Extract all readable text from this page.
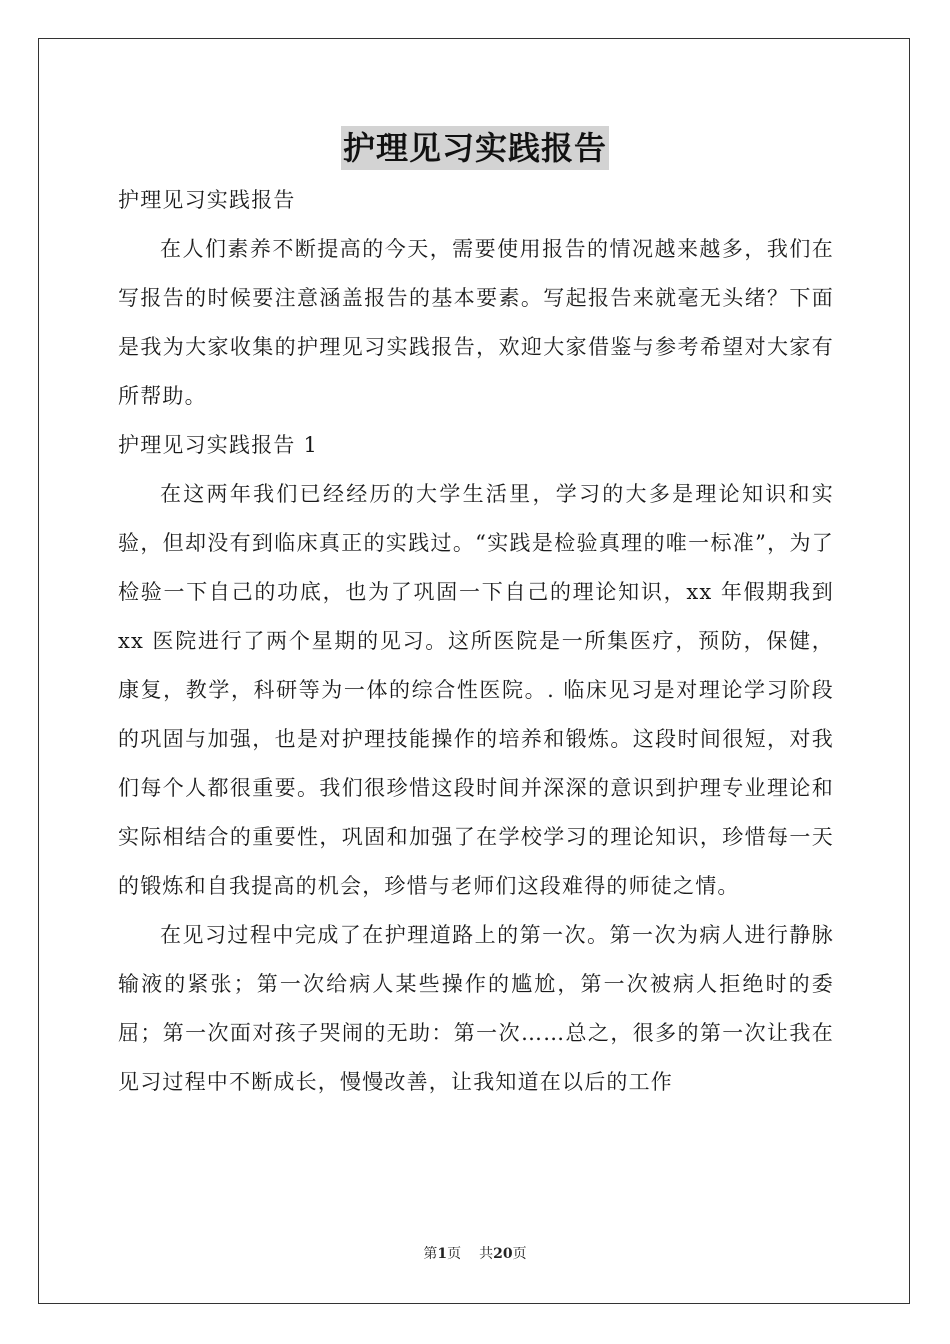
护理见习实践报告

护理见习实践报告

在人们素养不断提高的今天，需要使用报告的情况越来越多，我们在写报告的时候要注意涵盖报告的基本要素。写起报告来就毫无头绪？下面是我为大家收集的护理见习实践报告，欢迎大家借鉴与参考希望对大家有所帮助。

护理见习实践报告 1

在这两年我们已经经历的大学生活里，学习的大多是理论知识和实验，但却没有到临床真正的实践过。“实践是检验真理的唯一标准”，为了检验一下自己的功底，也为了巩固一下自己的理论知识，xx 年假期我到 xx 医院进行了两个星期的见习。这所医院是一所集医疗，预防，保健，康复，教学，科研等为一体的综合性医院。. 临床见习是对理论学习阶段的巩固与加强，也是对护理技能操作的培养和锻炼。这段时间很短，对我们每个人都很重要。我们很珍惜这段时间并深深的意识到护理专业理论和实际相结合的重要性，巩固和加强了在学校学习的理论知识，珍惜每一天的锻炼和自我提高的机会，珍惜与老师们这段难得的师徒之情。

在见习过程中完成了在护理道路上的第一次。第一次为病人进行静脉输液的紧张；第一次给病人某些操作的尴尬，第一次被病人拒绝时的委屈；第一次面对孩子哭闹的无助：第一次……总之，很多的第一次让我在见习过程中不断成长，慢慢改善，让我知道在以后的工作

第1页 共20页
